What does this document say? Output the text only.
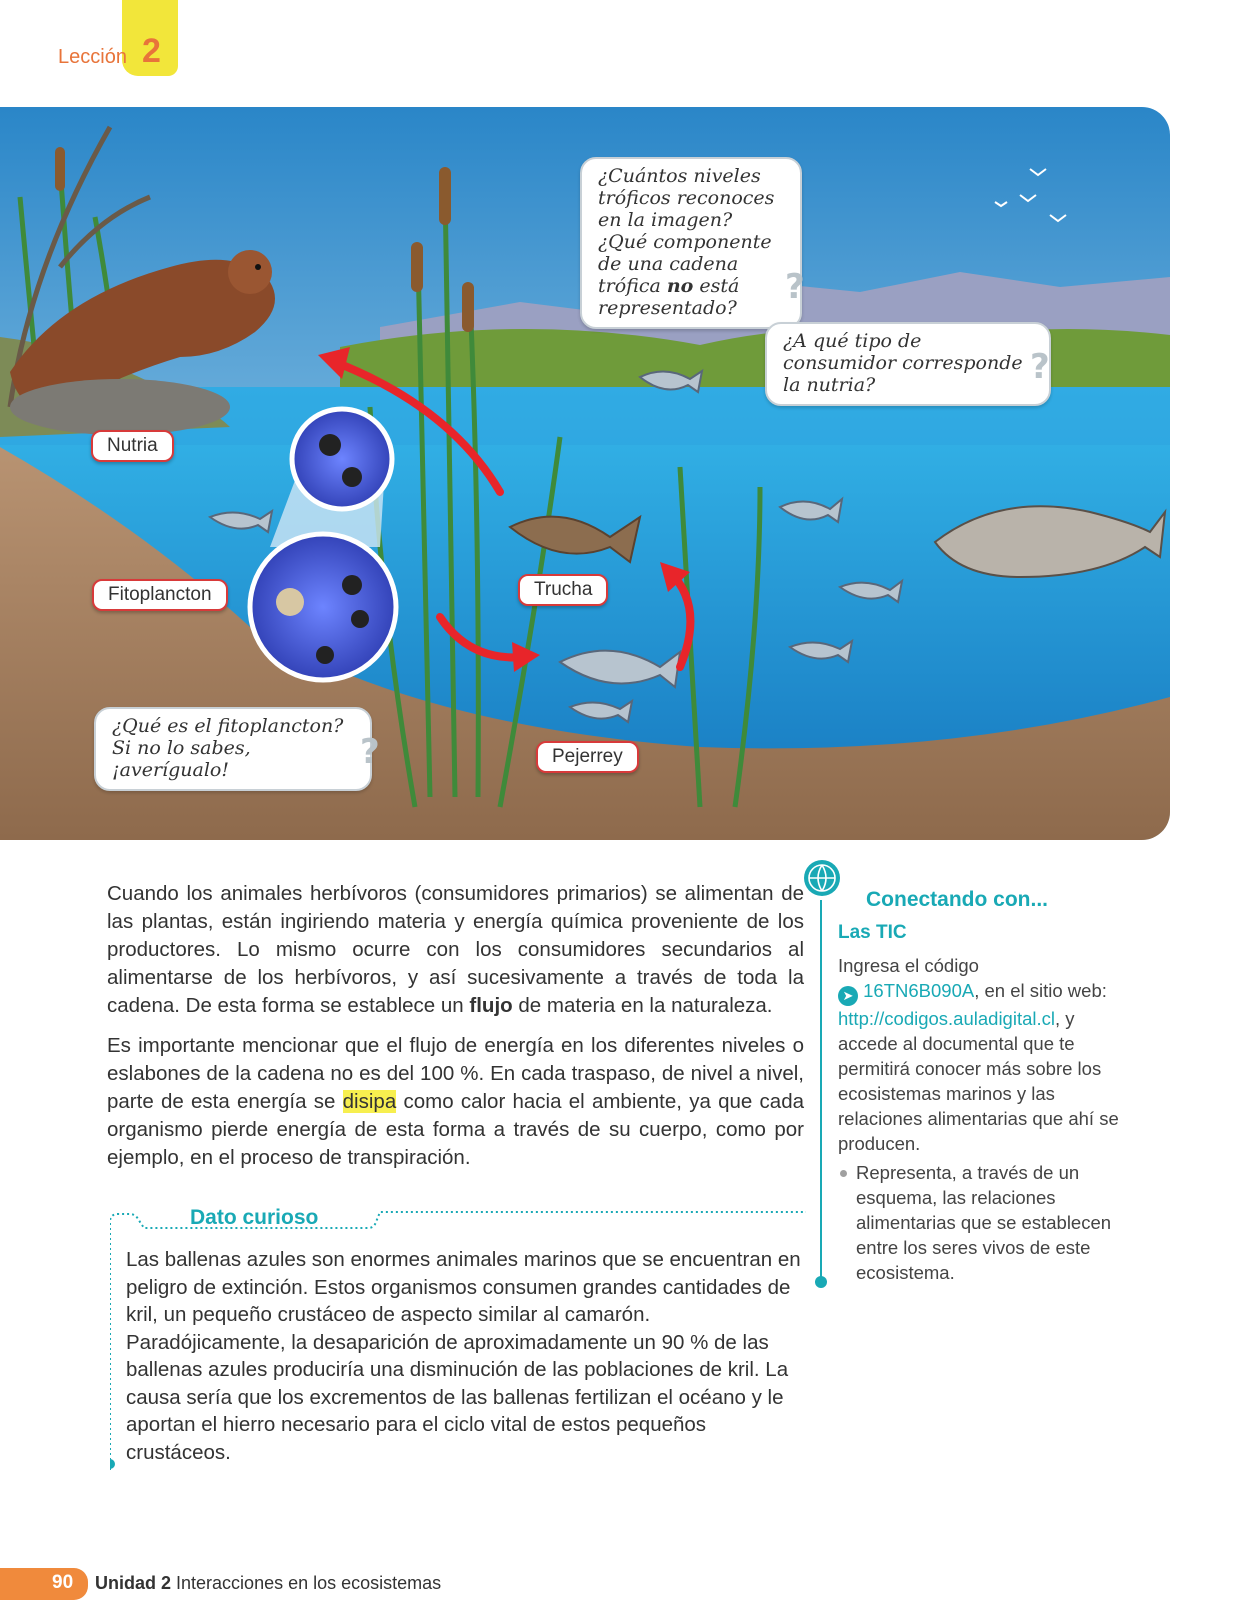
Lección 2
Nutria
Fitoplancton	Trucha
Pejerrey
¿Cuántos niveles tróficos reconoces en la imagen? ¿Qué componente de una cadena trófica no está representado?
?
¿A qué tipo de consumidor corresponde la nutria?	?
¿Qué es el fitoplancton? Si no lo sabes, ¡averígualo!	?

Cuando los animales herbívoros (consumidores primarios) se alimentan de las plantas, están ingiriendo materia y energía química proveniente de los productores. Lo mismo ocurre con los consumidores secundarios al alimentarse de los herbívoros, y así sucesivamente a través de toda la cadena. De esta forma se establece un flujo de materia en la naturaleza.

Es importante mencionar que el flujo de energía en los diferentes niveles o eslabones de la cadena no es del 100 %. En cada traspaso, de nivel a nivel, parte de esta energía se disipa como calor hacia el ambiente, ya que cada organismo pierde energía de esta forma a través de su cuerpo, como por ejemplo, en el proceso de transpiración.

Dato curioso
Las ballenas azules son enormes animales marinos que se encuentran en peligro de extinción. Estos organismos consumen grandes cantidades de kril, un pequeño crustáceo de aspecto similar al camarón. Paradójicamente, la desaparición de aproximadamente un 90 % de las ballenas azules produciría una disminución de las poblaciones de kril. La causa sería que los excrementos de las ballenas fertilizan el océano y le aportan el hierro necesario para el ciclo vital de estos pequeños crustáceos.
Conectando con...
Las TIC
Ingresa el código
➤ 16TN6B090A, en el sitio web: http://codigos.auladigital.cl, y accede al documental que te permitirá conocer más sobre los ecosistemas marinos y las relaciones alimentarias que ahí se producen.
Representa, a través de un esquema, las relaciones alimentarias que se establecen entre los seres vivos de este ecosistema.
90 Unidad 2 Interacciones en los ecosistemas
